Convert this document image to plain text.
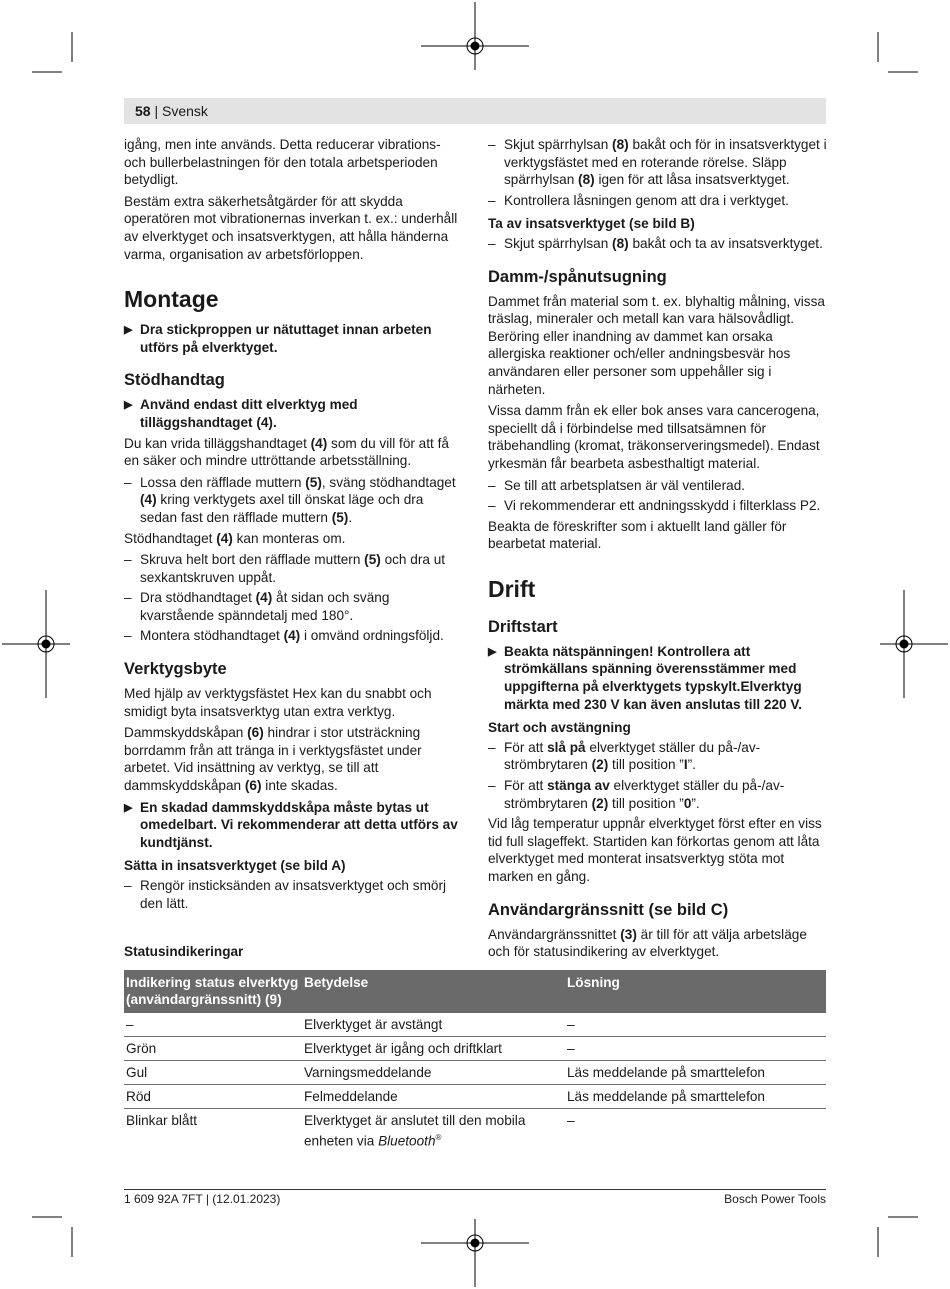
58 | Svensk

igång, men inte används. Detta reducerar vibrations- och bullerbelastningen för den totala arbetsperioden betydligt.

Bestäm extra säkerhetsåtgärder för att skydda operatören mot vibrationernas inverkan t. ex.: underhåll av elverktyget och insatsverktygen, att hålla händerna varma, organisation av arbetsförloppen.

Montage
▶ Dra stickproppen ur nätuttaget innan arbeten utförs på elverktyget.
Stödhandtag
▶ Använd endast ditt elverktyg med tilläggshandtaget (4).

Du kan vrida tilläggshandtaget (4) som du vill för att få en säker och mindre uttröttande arbetsställning.

– Lossa den räfflade muttern (5), sväng stödhandtaget (4) kring verktygets axel till önskat läge och dra sedan fast den räfflade muttern (5).

Stödhandtaget (4) kan monteras om.

– Skruva helt bort den räfflade muttern (5) och dra ut sexkantskruven uppåt.
– Dra stödhandtaget (4) åt sidan och sväng kvarstående spänndetalj med 180°.
– Montera stödhandtaget (4) i omvänd ordningsföljd.
Verktygsbyte

Med hjälp av verktygsfästet Hex kan du snabbt och smidigt byta insatsverktyg utan extra verktyg.

Dammskyddskåpan (6) hindrar i stor utsträckning borrdamm från att tränga in i verktygsfästet under arbetet. Vid insättning av verktyg, se till att dammskyddskåpan (6) inte skadas.

▶ En skadad dammskyddskåpa måste bytas ut omedelbart. Vi rekommenderar att detta utförs av kundtjänst.
Sätta in insatsverktyget (se bild A)
– Rengör insticksänden av insatsverktyget och smörj den lätt.
– Skjut spärrhylsan (8) bakåt och för in insatsverktyget i verktygsfästet med en roterande rörelse. Släpp spärrhylsan (8) igen för att låsa insatsverktyget.
– Kontrollera låsningen genom att dra i verktyget.
Ta av insatsverktyget (se bild B)
– Skjut spärrhylsan (8) bakåt och ta av insatsverktyget.
Damm-/spånutsugning

Dammet från material som t. ex. blyhaltig målning, vissa träslag, mineraler och metall kan vara hälsovådligt. Beröring eller inandning av dammet kan orsaka allergiska reaktioner och/eller andningsbesvär hos användaren eller personer som uppehåller sig i närheten.

Vissa damm från ek eller bok anses vara cancerogena, speciellt då i förbindelse med tillsatsämnen för träbehandling (kromat, träkonserveringsmedel). Endast yrkesmän får bearbeta asbesthaltigt material.

– Se till att arbetsplatsen är väl ventilerad.
– Vi rekommenderar ett andningsskydd i filterklass P2.

Beakta de föreskrifter som i aktuellt land gäller för bearbetat material.

Drift
Driftstart
▶ Beakta nätspänningen! Kontrollera att strömkällans spänning överensstämmer med uppgifterna på elverktygets typskylt.Elverktyg märkta med 230 V kan även anslutas till 220 V.
Start och avstängning
– För att slå på elverktyget ställer du på-/av-strömbrytaren (2) till position ”I”.
– För att stänga av elverktyget ställer du på-/av-strömbrytaren (2) till position ”0”.

Vid låg temperatur uppnår elverktyget först efter en viss tid full slageffekt. Startiden kan förkortas genom att låta elverktyget med monterat insatsverktyg stöta mot marken en gång.

Användargränssnitt (se bild C)

Användargränssnittet (3) är till för att välja arbetsläge och för statusindikering av elverktyget.

Statusindikeringar
Indikering status elverktyg (användargränssnitt) (9)	Betydelse	Lösning
–	Elverktyget är avstängt	–
Grön	Elverktyget är igång och driftklart	–
Gul	Varningsmeddelande	Läs meddelande på smarttelefon
Röd	Felmeddelande	Läs meddelande på smarttelefon
Blinkar blått	Elverktyget är anslutet till den mobila enheten via Bluetooth®	–
1 609 92A 7FT | (12.01.2023)	Bosch Power Tools
